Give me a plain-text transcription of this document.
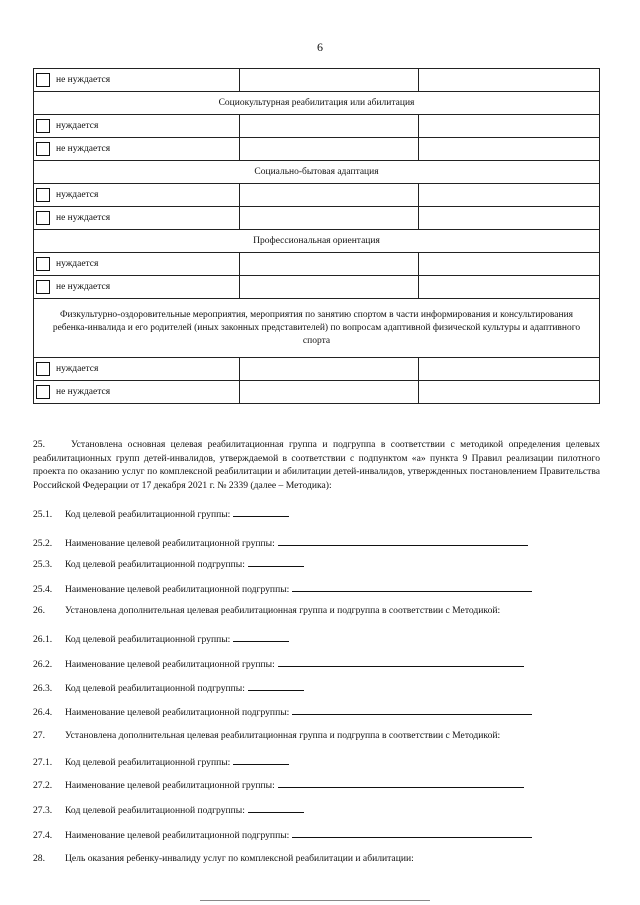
6
не нуждается		
Социокультурная реабилитация или абилитация		
нуждается		
не нуждается		
Социально-бытовая адаптация		
нуждается		
не нуждается		
Профессиональная ориентация		
нуждается		
не нуждается		
Физкультурно-оздоровительные мероприятия, мероприятия по занятию спортом в части информирования и консультирования ребенка-инвалида и его родителей (иных законных представителей) по вопросам адаптивной физической культуры и адаптивного спорта		
нуждается		
не нуждается		
25.	Установлена основная целевая реабилитационная группа и подгруппа в соответствии с методикой определения целевых реабилитационных групп детей-инвалидов, утверждаемой в соответствии с подпунктом «а» пункта 9 Правил реализации пилотного проекта по оказанию услуг по комплексной реабилитации и абилитации детей-инвалидов, утвержденных постановлением Правительства Российской Федерации от 17 декабря 2021 г. № 2339 (далее – Методика):
25.1. Код целевой реабилитационной группы:
25.2. Наименование целевой реабилитационной группы:
25.3. Код целевой реабилитационной подгруппы:
25.4. Наименование целевой реабилитационной подгруппы:
26. Установлена дополнительная целевая реабилитационная группа и подгруппа в соответствии с Методикой:
26.1. Код целевой реабилитационной группы:
26.2. Наименование целевой реабилитационной группы:
26.3. Код целевой реабилитационной подгруппы:
26.4. Наименование целевой реабилитационной подгруппы:
27. Установлена дополнительная целевая реабилитационная группа и подгруппа в соответствии с Методикой:
27.1. Код целевой реабилитационной группы:
27.2. Наименование целевой реабилитационной группы:
27.3. Код целевой реабилитационной подгруппы:
27.4. Наименование целевой реабилитационной подгруппы:
28. Цель оказания ребенку-инвалиду услуг по комплексной реабилитации и абилитации:
